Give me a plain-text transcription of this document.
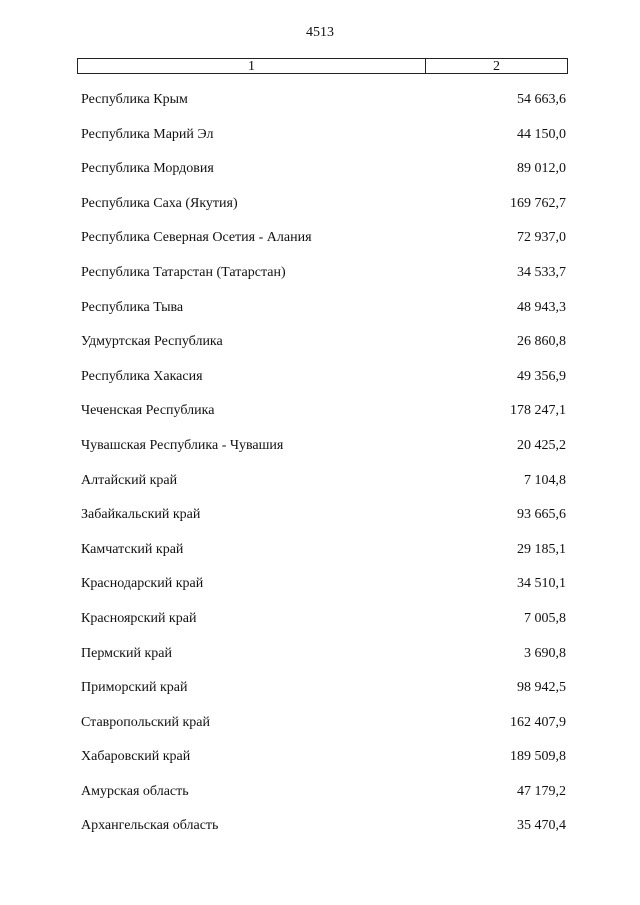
4513
1	2
Республика Крым	54 663,6
Республика Марий Эл	44 150,0
Республика Мордовия	89 012,0
Республика Саха (Якутия)	169 762,7
Республика Северная Осетия - Алания	72 937,0
Республика Татарстан (Татарстан)	34 533,7
Республика Тыва	48 943,3
Удмуртская Республика	26 860,8
Республика Хакасия	49 356,9
Чеченская Республика	178 247,1
Чувашская Республика - Чувашия	20 425,2
Алтайский край	7 104,8
Забайкальский край	93 665,6
Камчатский край	29 185,1
Краснодарский край	34 510,1
Красноярский край	7 005,8
Пермский край	3 690,8
Приморский край	98 942,5
Ставропольский край	162 407,9
Хабаровский край	189 509,8
Амурская область	47 179,2
Архангельская область	35 470,4
